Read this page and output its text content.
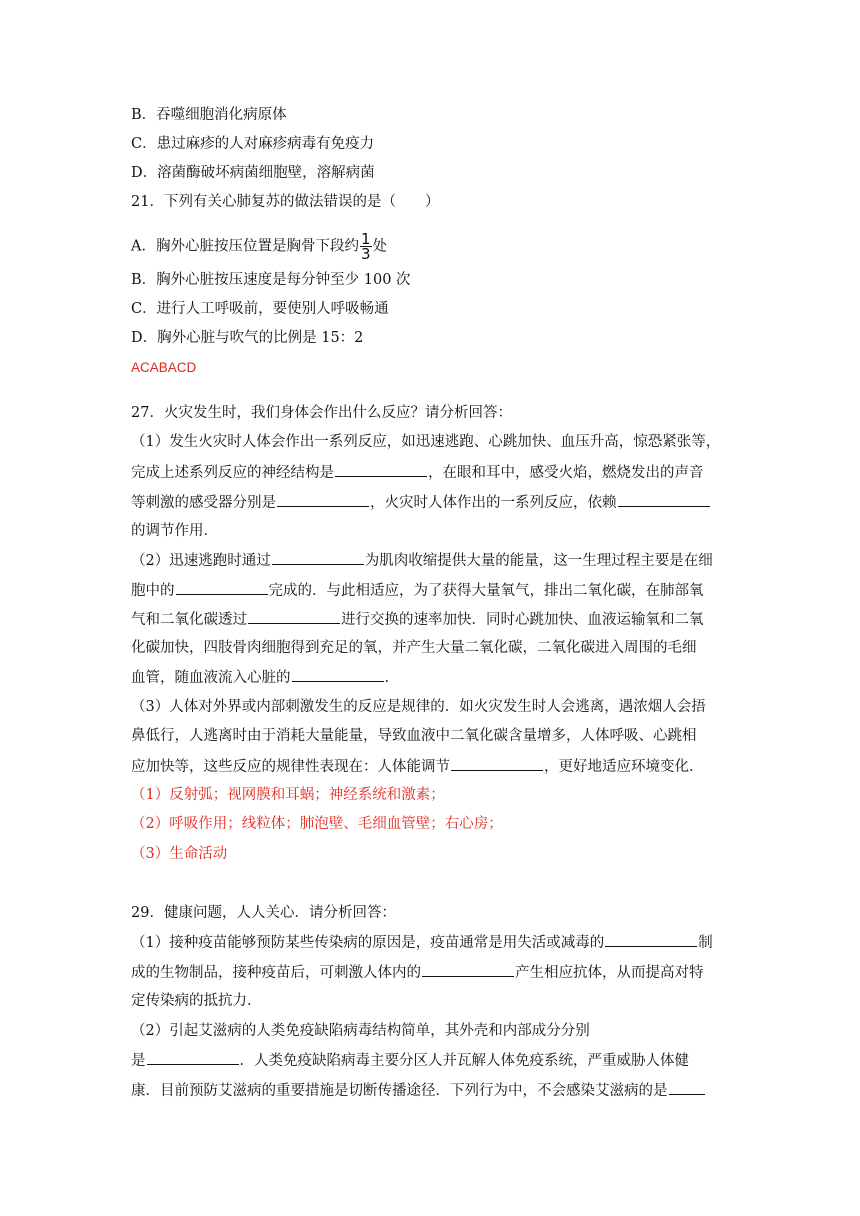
B．吞噬细胞消化病原体
C．患过麻疹的人对麻疹病毒有免疫力
D．溶菌酶破坏病菌细胞壁，溶解病菌
21．下列有关心肺复苏的做法错误的是（　　）
A．胸外心脏按压位置是胸骨下段约 $\frac{1}{3}$ 处
B．胸外心脏按压速度是每分钟至少 100 次
C．进行人工呼吸前，要使别人呼吸畅通
D．胸外心脏与吹气的比例是 15：2
ACABACD
27．火灾发生时，我们身体会作出什么反应？请分析回答：
（1）发生火灾时人体会作出一系列反应，如迅速逃跑、心跳加快、血压升高，惊恐紧张等，
完成上述系列反应的神经结构是	，在眼和耳中，感受火焰，燃烧发出的声音
等刺激的感受器分别是	，火灾时人体作出的一系列反应，依赖
的调节作用．
（2）迅速逃跑时通过	为肌肉收缩提供大量的能量，这一生理过程主要是在细
胞中的	完成的．与此相适应，为了获得大量氧气，排出二氧化碳，在肺部氧
气和二氧化碳透过	进行交换的速率加快．同时心跳加快、血液运输氧和二氧
化碳加快，四肢骨肉细胞得到充足的氧，并产生大量二氧化碳，二氧化碳进入周围的毛细
血管，随血液流入心脏的	．
（3）人体对外界或内部刺激发生的反应是规律的．如火灾发生时人会逃离，遇浓烟人会捂
鼻低行，人逃离时由于消耗大量能量，导致血液中二氧化碳含量增多，人体呼吸、心跳相
应加快等，这些反应的规律性表现在：人体能调节	，更好地适应环境变化．
（1）反射弧；视网膜和耳蜗；神经系统和激素；
（2）呼吸作用；线粒体；肺泡壁、毛细血管壁；右心房；
（3）生命活动
29．健康问题，人人关心．请分析回答：
（1）接种疫苗能够预防某些传染病的原因是，疫苗通常是用失活或减毒的	制
成的生物制品，接种疫苗后，可刺激人体内的	产生相应抗体，从而提高对特
定传染病的抵抗力．
（2）引起艾滋病的人类免疫缺陷病毒结构简单，其外壳和内部成分分别
是	．人类免疫缺陷病毒主要分区人并瓦解人体免疫系统，严重威胁人体健
康．目前预防艾滋病的重要措施是切断传播途径．下列行为中，不会感染艾滋病的是
